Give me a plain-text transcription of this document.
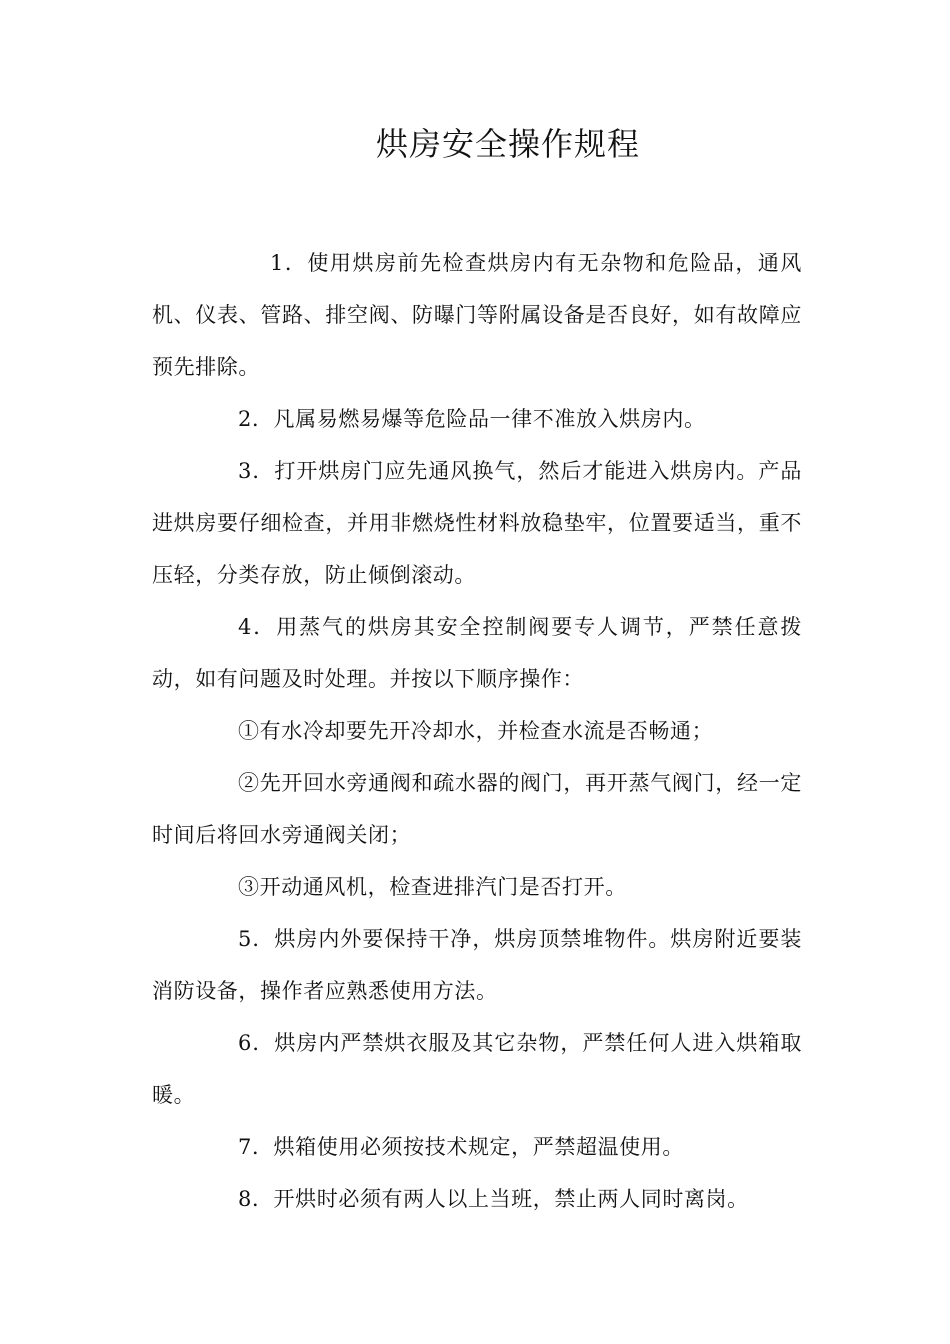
烘房安全操作规程

1．使用烘房前先检查烘房内有无杂物和危险品，通风机、仪表、管路、排空阀、防曝门等附属设备是否良好，如有故障应预先排除。

2．凡属易燃易爆等危险品一律不准放入烘房内。

3．打开烘房门应先通风换气，然后才能进入烘房内。产品进烘房要仔细检查，并用非燃烧性材料放稳垫牢，位置要适当，重不压轻，分类存放，防止倾倒滚动。

4．用蒸气的烘房其安全控制阀要专人调节，严禁任意拨动，如有问题及时处理。并按以下顺序操作：

①有水冷却要先开冷却水，并检查水流是否畅通；

②先开回水旁通阀和疏水器的阀门，再开蒸气阀门，经一定时间后将回水旁通阀关闭；

③开动通风机，检查进排汽门是否打开。

5．烘房内外要保持干净，烘房顶禁堆物件。烘房附近要装消防设备，操作者应熟悉使用方法。

6．烘房内严禁烘衣服及其它杂物，严禁任何人进入烘箱取暖。

7．烘箱使用必须按技术规定，严禁超温使用。

8．开烘时必须有两人以上当班，禁止两人同时离岗。
